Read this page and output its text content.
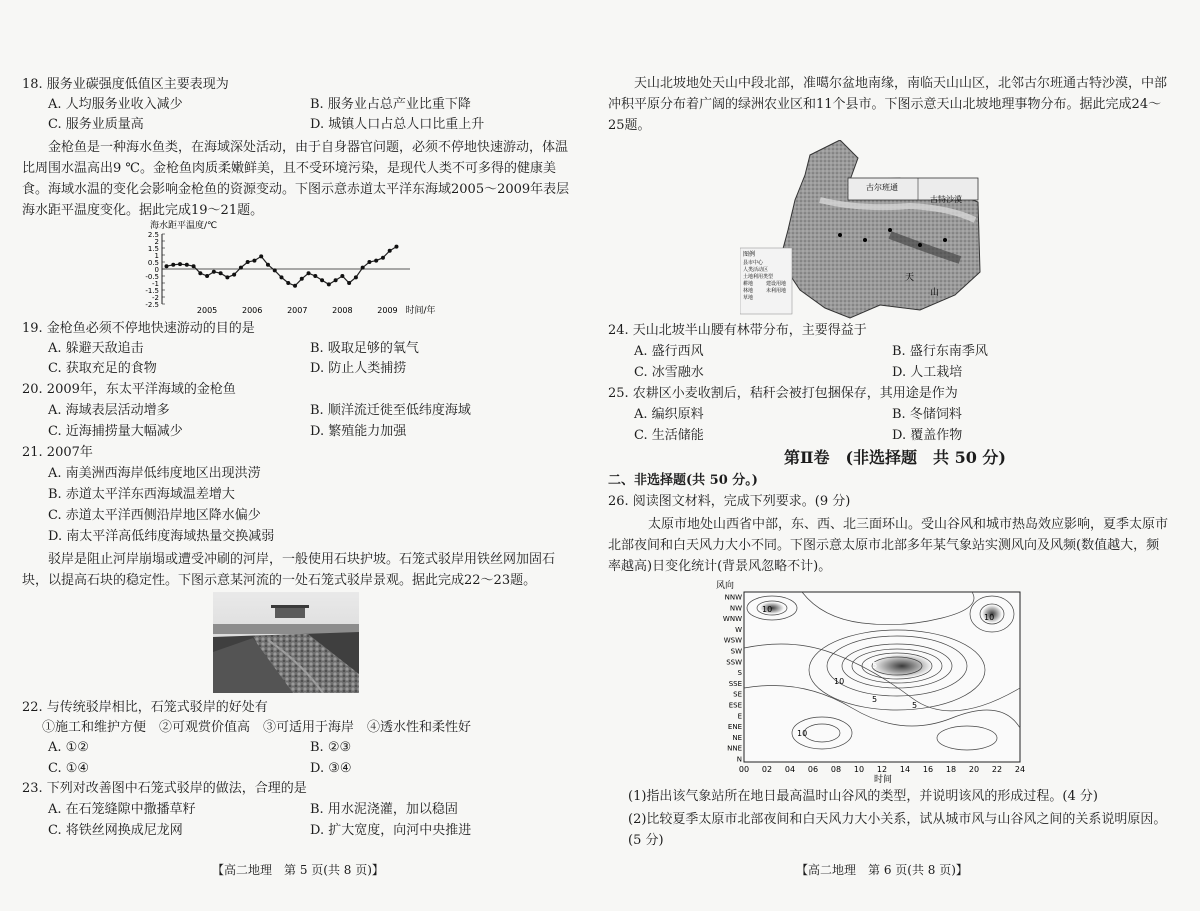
18. 服务业碳强度低值区主要表现为
A. 人均服务业收入减少	B. 服务业占总产业比重下降
C. 服务业质量高	D. 城镇人口占总人口比重上升
金枪鱼是一种海水鱼类，在海域深处活动，由于自身器官问题，必须不停地快速游动，体温比周围水温高出9 ℃。金枪鱼肉质柔嫩鲜美，且不受环境污染，是现代人类不可多得的健康美食。海域水温的变化会影响金枪鱼的资源变动。下图示意赤道太平洋东海域2005～2009年表层海水距平温度变化。据此完成19～21题。
海水距平温度/℃
2.5
2
1.5
1
0.5
0
-0.5
-1
-1.5
-2
-2.5
2005	2006	2007	2008	2009 时间/年
19. 金枪鱼必须不停地快速游动的目的是
A. 躲避天敌追击	B. 吸取足够的氧气
C. 获取充足的食物	D. 防止人类捕捞
20. 2009年，东太平洋海域的金枪鱼
A. 海域表层活动增多	B. 顺洋流迁徙至低纬度海域
C. 近海捕捞量大幅减少	D. 繁殖能力加强
21. 2007年
A. 南美洲西海岸低纬度地区出现洪涝
B. 赤道太平洋东西海域温差增大
C. 赤道太平洋西侧沿岸地区降水偏少
D. 南太平洋高低纬度海域热量交换减弱
驳岸是阻止河岸崩塌或遭受冲刷的河岸，一般使用石块护坡。石笼式驳岸用铁丝网加固石块，以提高石块的稳定性。下图示意某河流的一处石笼式驳岸景观。据此完成22～23题。
22. 与传统驳岸相比，石笼式驳岸的好处有
①施工和维护方便　②可观赏价值高　③可适用于海岸　④透水性和柔性好
A. ①②	B. ②③
C. ①④	D. ③④
23. 下列对改善图中石笼式驳岸的做法，合理的是
A. 在石笼缝隙中撒播草籽	B. 用水泥浇灌，加以稳固
C. 将铁丝网换成尼龙网	D. 扩大宽度，向河中央推进
【高二地理　第 5 页(共 8 页)】
天山北坡地处天山中段北部，准噶尔盆地南缘，南临天山山区，北邻古尔班通古特沙漠，中部冲积平原分布着广阔的绿洲农业区和11个县市。下图示意天山北坡地理事物分布。据此完成24～25题。
古尔班通
古特沙漠
天
山
图例
县市中心
人类活动区
土地利用类型
耕地	建设用地
林地	未利用地
草地
24. 天山北坡半山腰有林带分布，主要得益于
A. 盛行西风	B. 盛行东南季风
C. 冰雪融水	D. 人工栽培
25. 农耕区小麦收割后，秸秆会被打包捆保存，其用途是作为
A. 编织原料	B. 冬储饲料
C. 生活储能	D. 覆盖作物
第Ⅱ卷　(非选择题　共 50 分)
二、非选择题(共 50 分。)
26. 阅读图文材料，完成下列要求。(9 分)
太原市地处山西省中部，东、西、北三面环山。受山谷风和城市热岛效应影响，夏季太原市北部夜间和白天风力大小不同。下图示意太原市北部多年某气象站实测风向及风频(数值越大，频率越高)日变化统计(背景风忽略不计)。
风向
NNW
NW
WNW
W
WSW
SW
SSW
S
SSE
SE
ESE
E
ENE
NE
NNE
N
00 02 04 06 08 10 12 14 16 18 20 22 24
10
10
15
10
5
5
10
时间
(1)指出该气象站所在地日最高温时山谷风的类型，并说明该风的形成过程。(4 分)
(2)比较夏季太原市北部夜间和白天风力大小关系，试从城市风与山谷风之间的关系说明原因。(5 分)
【高二地理　第 6 页(共 8 页)】
